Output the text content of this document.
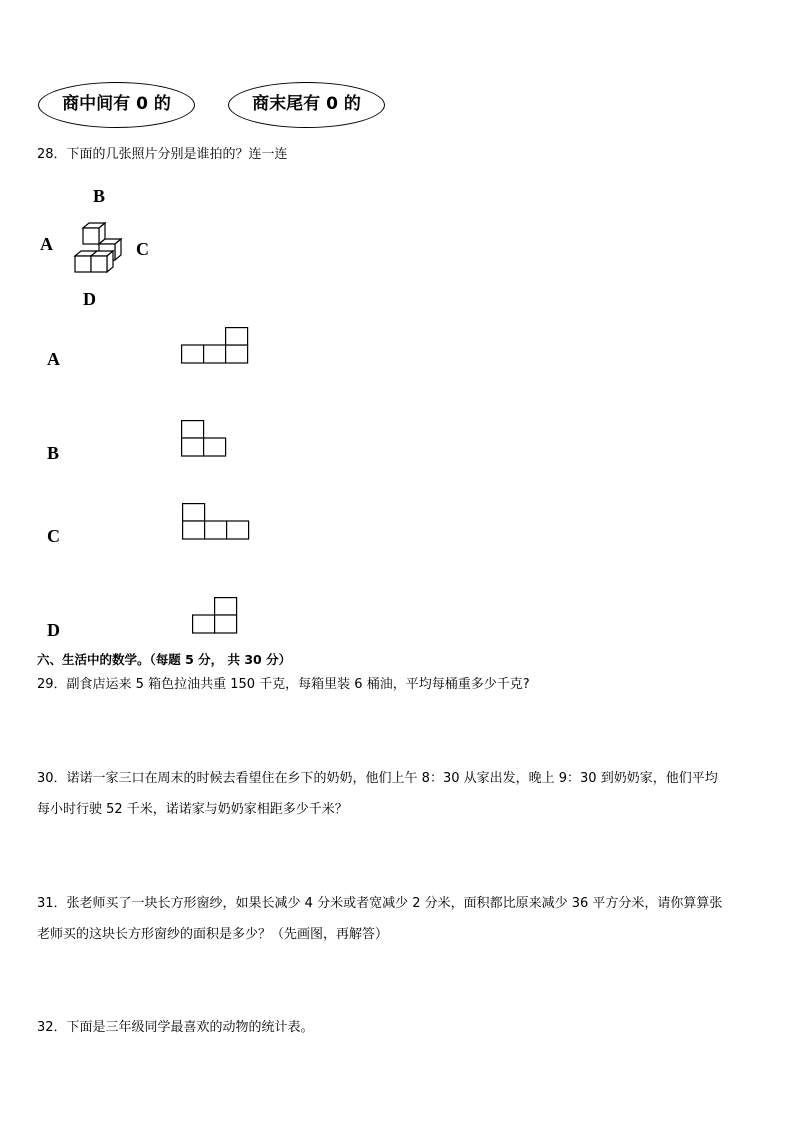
商中间有 0 的	商末尾有 0 的
28．下面的几张照片分别是谁拍的？连一连
B
A	C
D
A
B
C
D
六、生活中的数学。（每题 5 分， 共 30 分）
29．副食店运来 5 箱色拉油共重 150 千克，每箱里装 6 桶油，平均每桶重多少千克?
30．诺诺一家三口在周末的时候去看望住在乡下的奶奶，他们上午 8：30 从家出发，晚上 9：30 到奶奶家，他们平均
每小时行驶 52 千米，诺诺家与奶奶家相距多少千米？
31．张老师买了一块长方形窗纱，如果长减少 4 分米或者宽减少 2 分米，面积都比原来减少 36 平方分米，请你算算张
老师买的这块长方形窗纱的面积是多少？（先画图，再解答）
32．下面是三年级同学最喜欢的动物的统计表。
